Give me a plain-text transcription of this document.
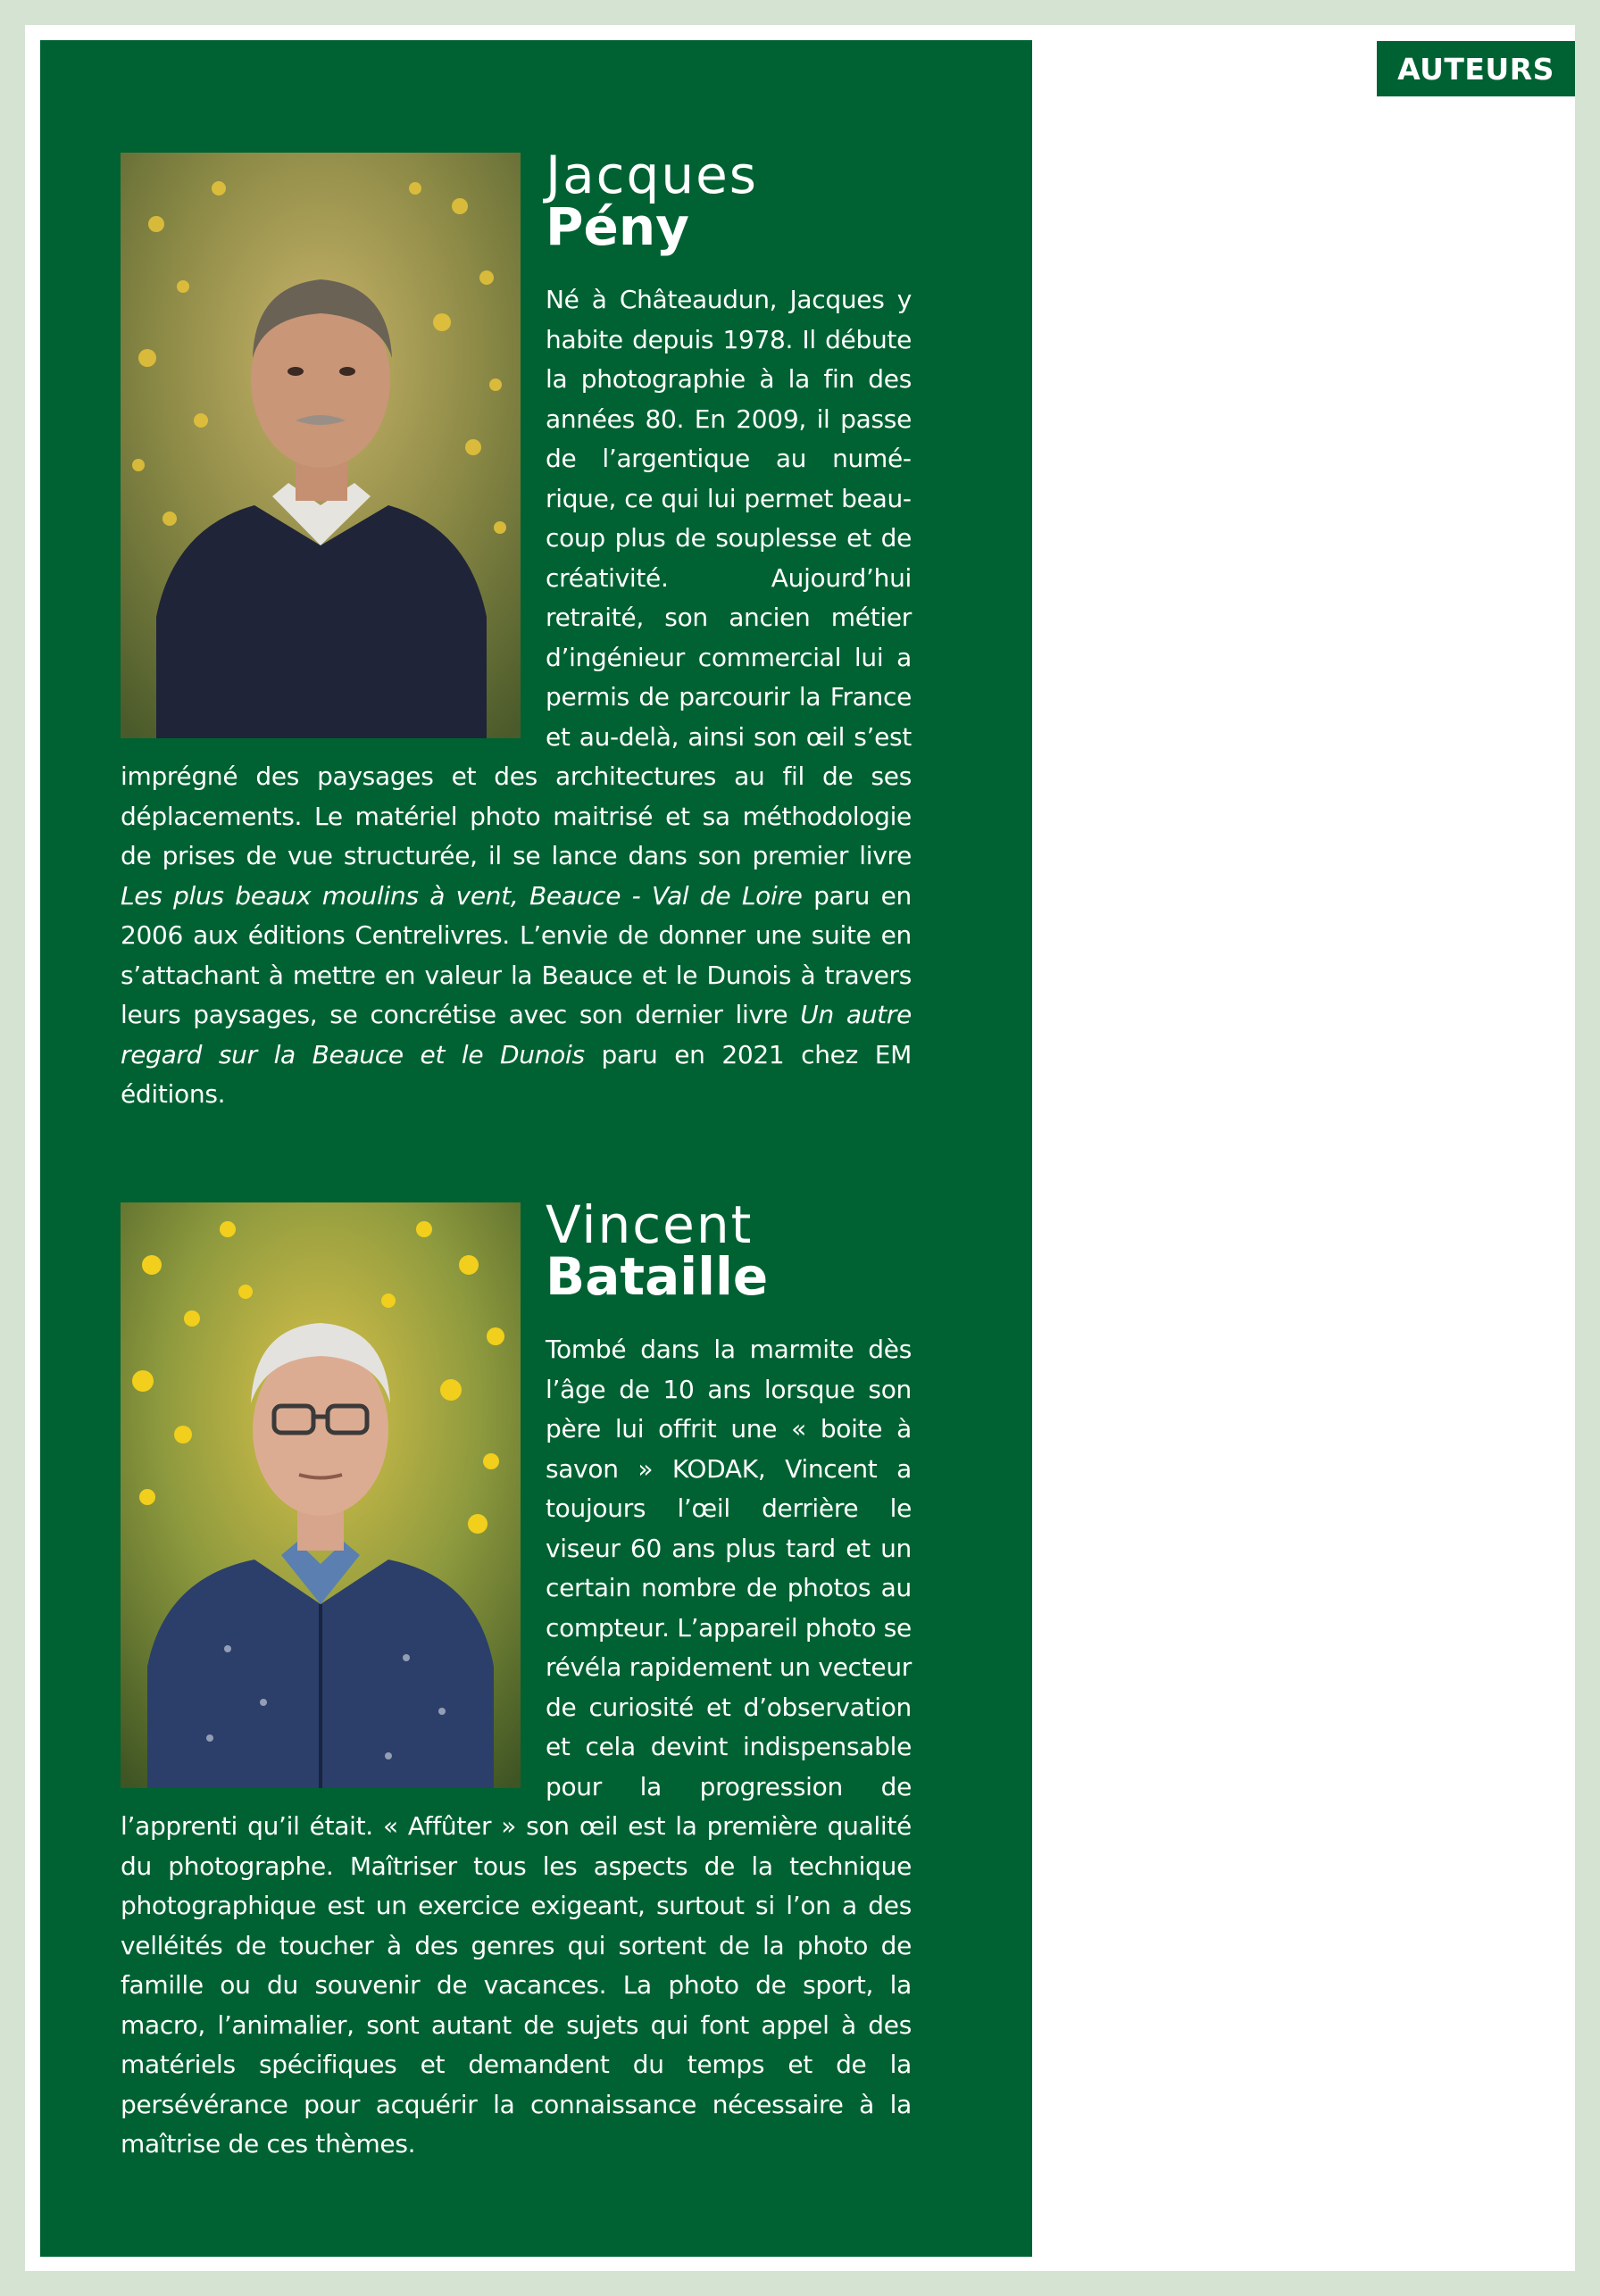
AUTEURS
Jacques
Pény

Né à Châteaudun, Jacques y habite depuis 1978. Il débute la photographie à la fin des années 80. En 2009, il passe de l’argentique au numérique, ce qui lui permet beaucoup plus de souplesse et de créativité. Aujourd’hui retraité, son ancien métier d’ingénieur commercial lui a permis de parcourir la France et au-delà, ainsi son œil s’est imprégné des paysages et des architectures au fil de ses déplacements. Le matériel photo maitrisé et sa méthodologie de prises de vue structurée, il se lance dans son premier livre Les plus beaux moulins à vent, Beauce - Val de Loire paru en 2006 aux éditions Centrelivres. L’envie de donner une suite en s’attachant à mettre en valeur la Beauce et le Dunois à travers leurs paysages, se concrétise avec son dernier livre Un autre regard sur la Beauce et le Dunois paru en 2021 chez EM éditions.

Vincent
Bataille

Tombé dans la marmite dès l’âge de 10 ans lorsque son père lui offrit une « boite à savon » KODAK, Vincent a toujours l’œil derrière le viseur 60 ans plus tard et un certain nombre de photos au compteur. L’appareil photo se révéla rapidement un vecteur de curiosité et d’observation et cela devint indispensable pour la progression de l’apprenti qu’il était. « Affûter » son œil est la première qualité du photographe. Maîtriser tous les aspects de la technique photographique est un exercice exigeant, surtout si l’on a des velléités de toucher à des genres qui sortent de la photo de famille ou du souvenir de vacances. La photo de sport, la macro, l’animalier, sont autant de sujets qui font appel à des matériels spécifiques et demandent du temps et de la persévérance pour acquérir la connaissance nécessaire à la maîtrise de ces thèmes.
